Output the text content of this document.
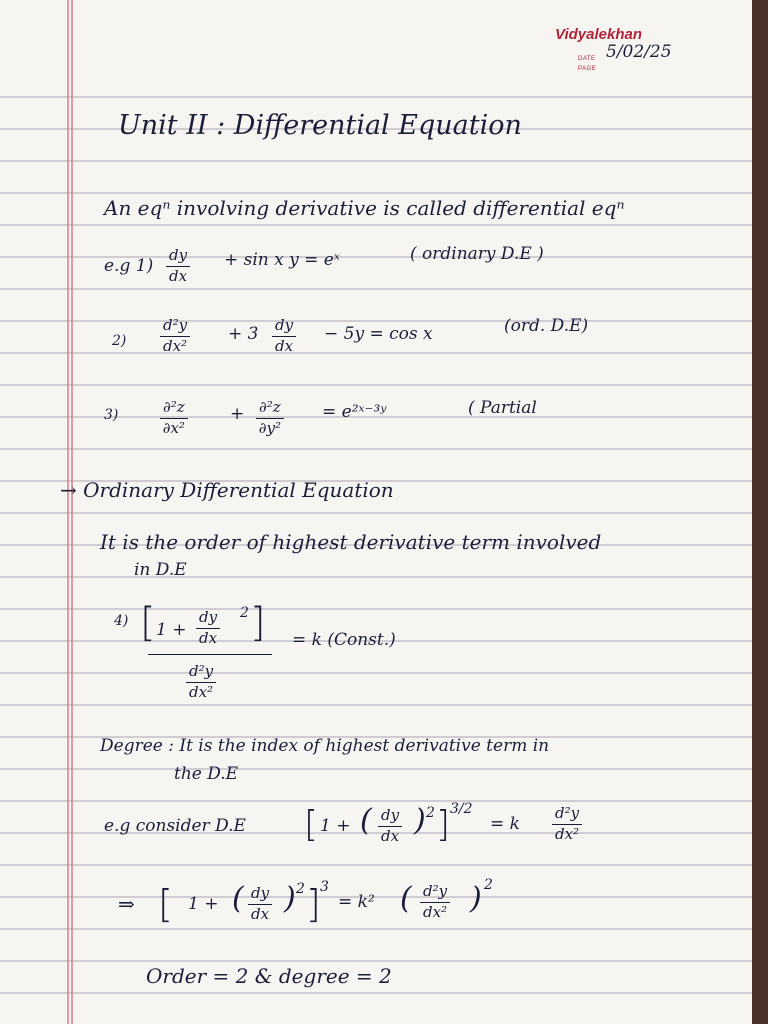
Vidyalekhan
DATE
PAGE
5/02/25
Unit II : Differential Equation
An eqⁿ involving derivative is called differential eqⁿ
e.g $1) \frac{dy}{dx} + \sin x$ y = eˣ	( ordinary D.E )
$2) \frac{\text{d²y}}{\text{dx²}} + 3 \frac{dy}{dx} - 5y = \cos x$	(ord. D.E)
3)	$\frac{\text{∂²z}}{\text{∂x²}} + \frac{\text{∂²z}}{\text{∂y²}}$ = e²ˣ⁻³ʸ	( Partial
→ Ordinary Differential Equation
It is the order of highest derivative term involved
in D.E
4) [ $1 + \frac{dy}{dx} 2$ ]
$\frac{\text{d²y}}{\text{dx²}}$
= k (Const.)
Degree : It is the index of highest derivative term in
the D.E
e.g consider D.E [ 1 + ( $\frac{dy}{dx}$ ) 2 ] 3/2
= k $\frac{\text{d²y}}{\text{dx²}}$
⇒ [ 1 + ( $\frac{dy}{dx}$ ) 2 ] 3
= k² ( $\frac{\text{d²y}}{\text{dx²}}$ ) 2
Order = 2 & degree = 2
